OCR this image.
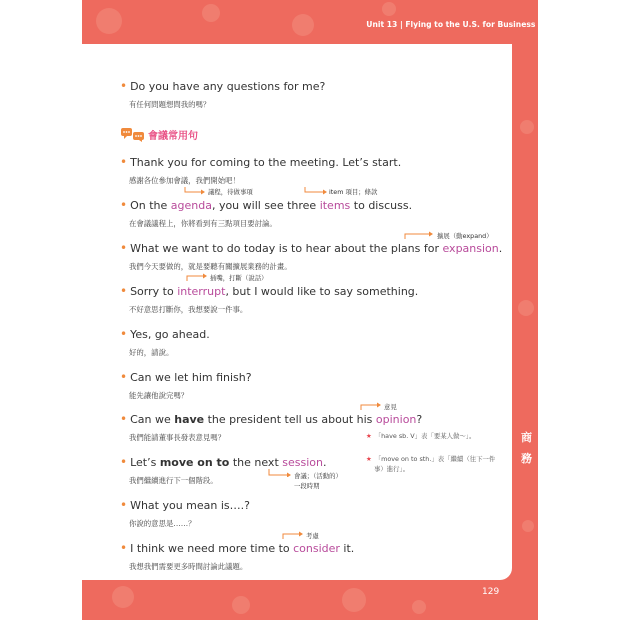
Unit 13 | Flying to the U.S. for Business 美國出公差
129
商
務
• Do you have any questions for me?
有任何問題想問我的嗎？
會議常用句
• Thank you for coming to the meeting. Let’s start.
感謝各位參加會議，我們開始吧！
議程，待做事項	item 項目；條款
• On the agenda, you will see three items to discuss.
在會議議程上，你將看到有三點項目要討論。
擴展（動expand）
• What we want to do today is to hear about the plans for expansion.
我們今天要做的，就是要聽有關擴展業務的計畫。
插嘴，打斷（說話）
• Sorry to interrupt, but I would like to say something.
不好意思打斷你，我想要說一件事。
• Yes, go ahead.
好的，請說。
• Can we let him finish?
能先讓他說完嗎？
意見
• Can we have the president tell us about his opinion?
我們能請董事長發表意見嗎？	★ 「have sb. V」表「要某人做～」。
• Let’s move on to the next session.
我們繼續進行下一個階段。	會議；（活動的）
一段時期
★ 「move on to sth.」表「繼續（往下一件
事）進行」。
• What you mean is….?
你說的意思是……？
考慮
• I think we need more time to consider it.
我想我們需要更多時間討論此議題。
